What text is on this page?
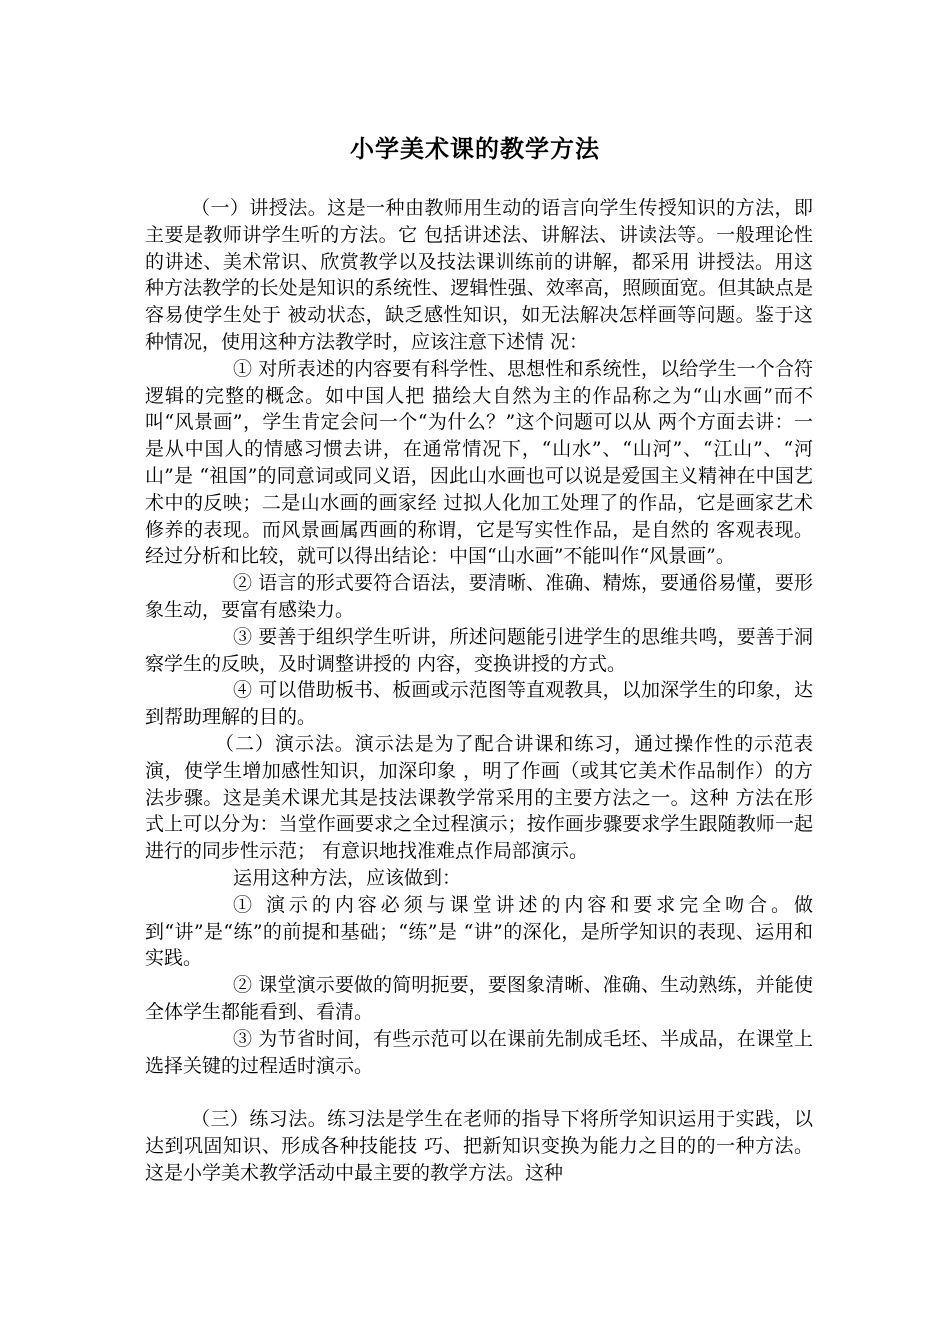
小学美术课的教学方法

（一）讲授法。这是一种由教师用生动的语言向学生传授知识的方法，即主要是教师讲学生听的方法。它 包括讲述法、讲解法、讲读法等。一般理论性的讲述、美术常识、欣赏教学以及技法课训练前的讲解，都采用 讲授法。用这种方法教学的长处是知识的系统性、逻辑性强、效率高，照顾面宽。但其缺点是容易使学生处于 被动状态，缺乏感性知识，如无法解决怎样画等问题。鉴于这种情况，使用这种方法教学时，应该注意下述情 况：

① 对所表述的内容要有科学性、思想性和系统性，以给学生一个合符逻辑的完整的概念。如中国人把 描绘大自然为主的作品称之为“山水画”而不叫“风景画”，学生肯定会问一个“为什么？”这个问题可以从 两个方面去讲：一是从中国人的情感习惯去讲，在通常情况下，“山水”、“山河”、“江山”、“河山”是 “祖国”的同意词或同义语，因此山水画也可以说是爱国主义精神在中国艺术中的反映；二是山水画的画家经 过拟人化加工处理了的作品，它是画家艺术修养的表现。而风景画属西画的称谓，它是写实性作品，是自然的 客观表现。经过分析和比较，就可以得出结论：中国“山水画”不能叫作“风景画”。

② 语言的形式要符合语法，要清晰、准确、精炼，要通俗易懂，要形象生动，要富有感染力。

③ 要善于组织学生听讲，所述问题能引进学生的思维共鸣，要善于洞察学生的反映，及时调整讲授的 内容，变换讲授的方式。

④ 可以借助板书、板画或示范图等直观教具，以加深学生的印象，达到帮助理解的目的。

（二）演示法。演示法是为了配合讲课和练习，通过操作性的示范表演，使学生增加感性知识，加深印象 ，明了作画（或其它美术作品制作）的方法步骤。这是美术课尤其是技法课教学常采用的主要方法之一。这种 方法在形式上可以分为：当堂作画要求之全过程演示；按作画步骤要求学生跟随教师一起进行的同步性示范； 有意识地找准难点作局部演示。

运用这种方法，应该做到：

① 演示的内容必须与课堂讲述的内容和要求完全吻合。做到“讲”是“练”的前提和基础；“练”是 “讲”的深化，是所学知识的表现、运用和实践。

② 课堂演示要做的简明扼要，要图象清晰、准确、生动熟练，并能使全体学生都能看到、看清。

③ 为节省时间，有些示范可以在课前先制成毛坯、半成品，在课堂上选择关键的过程适时演示。

（三）练习法。练习法是学生在老师的指导下将所学知识运用于实践，以达到巩固知识、形成各种技能技 巧、把新知识变换为能力之目的的一种方法。这是小学美术教学活动中最主要的教学方法。这种
